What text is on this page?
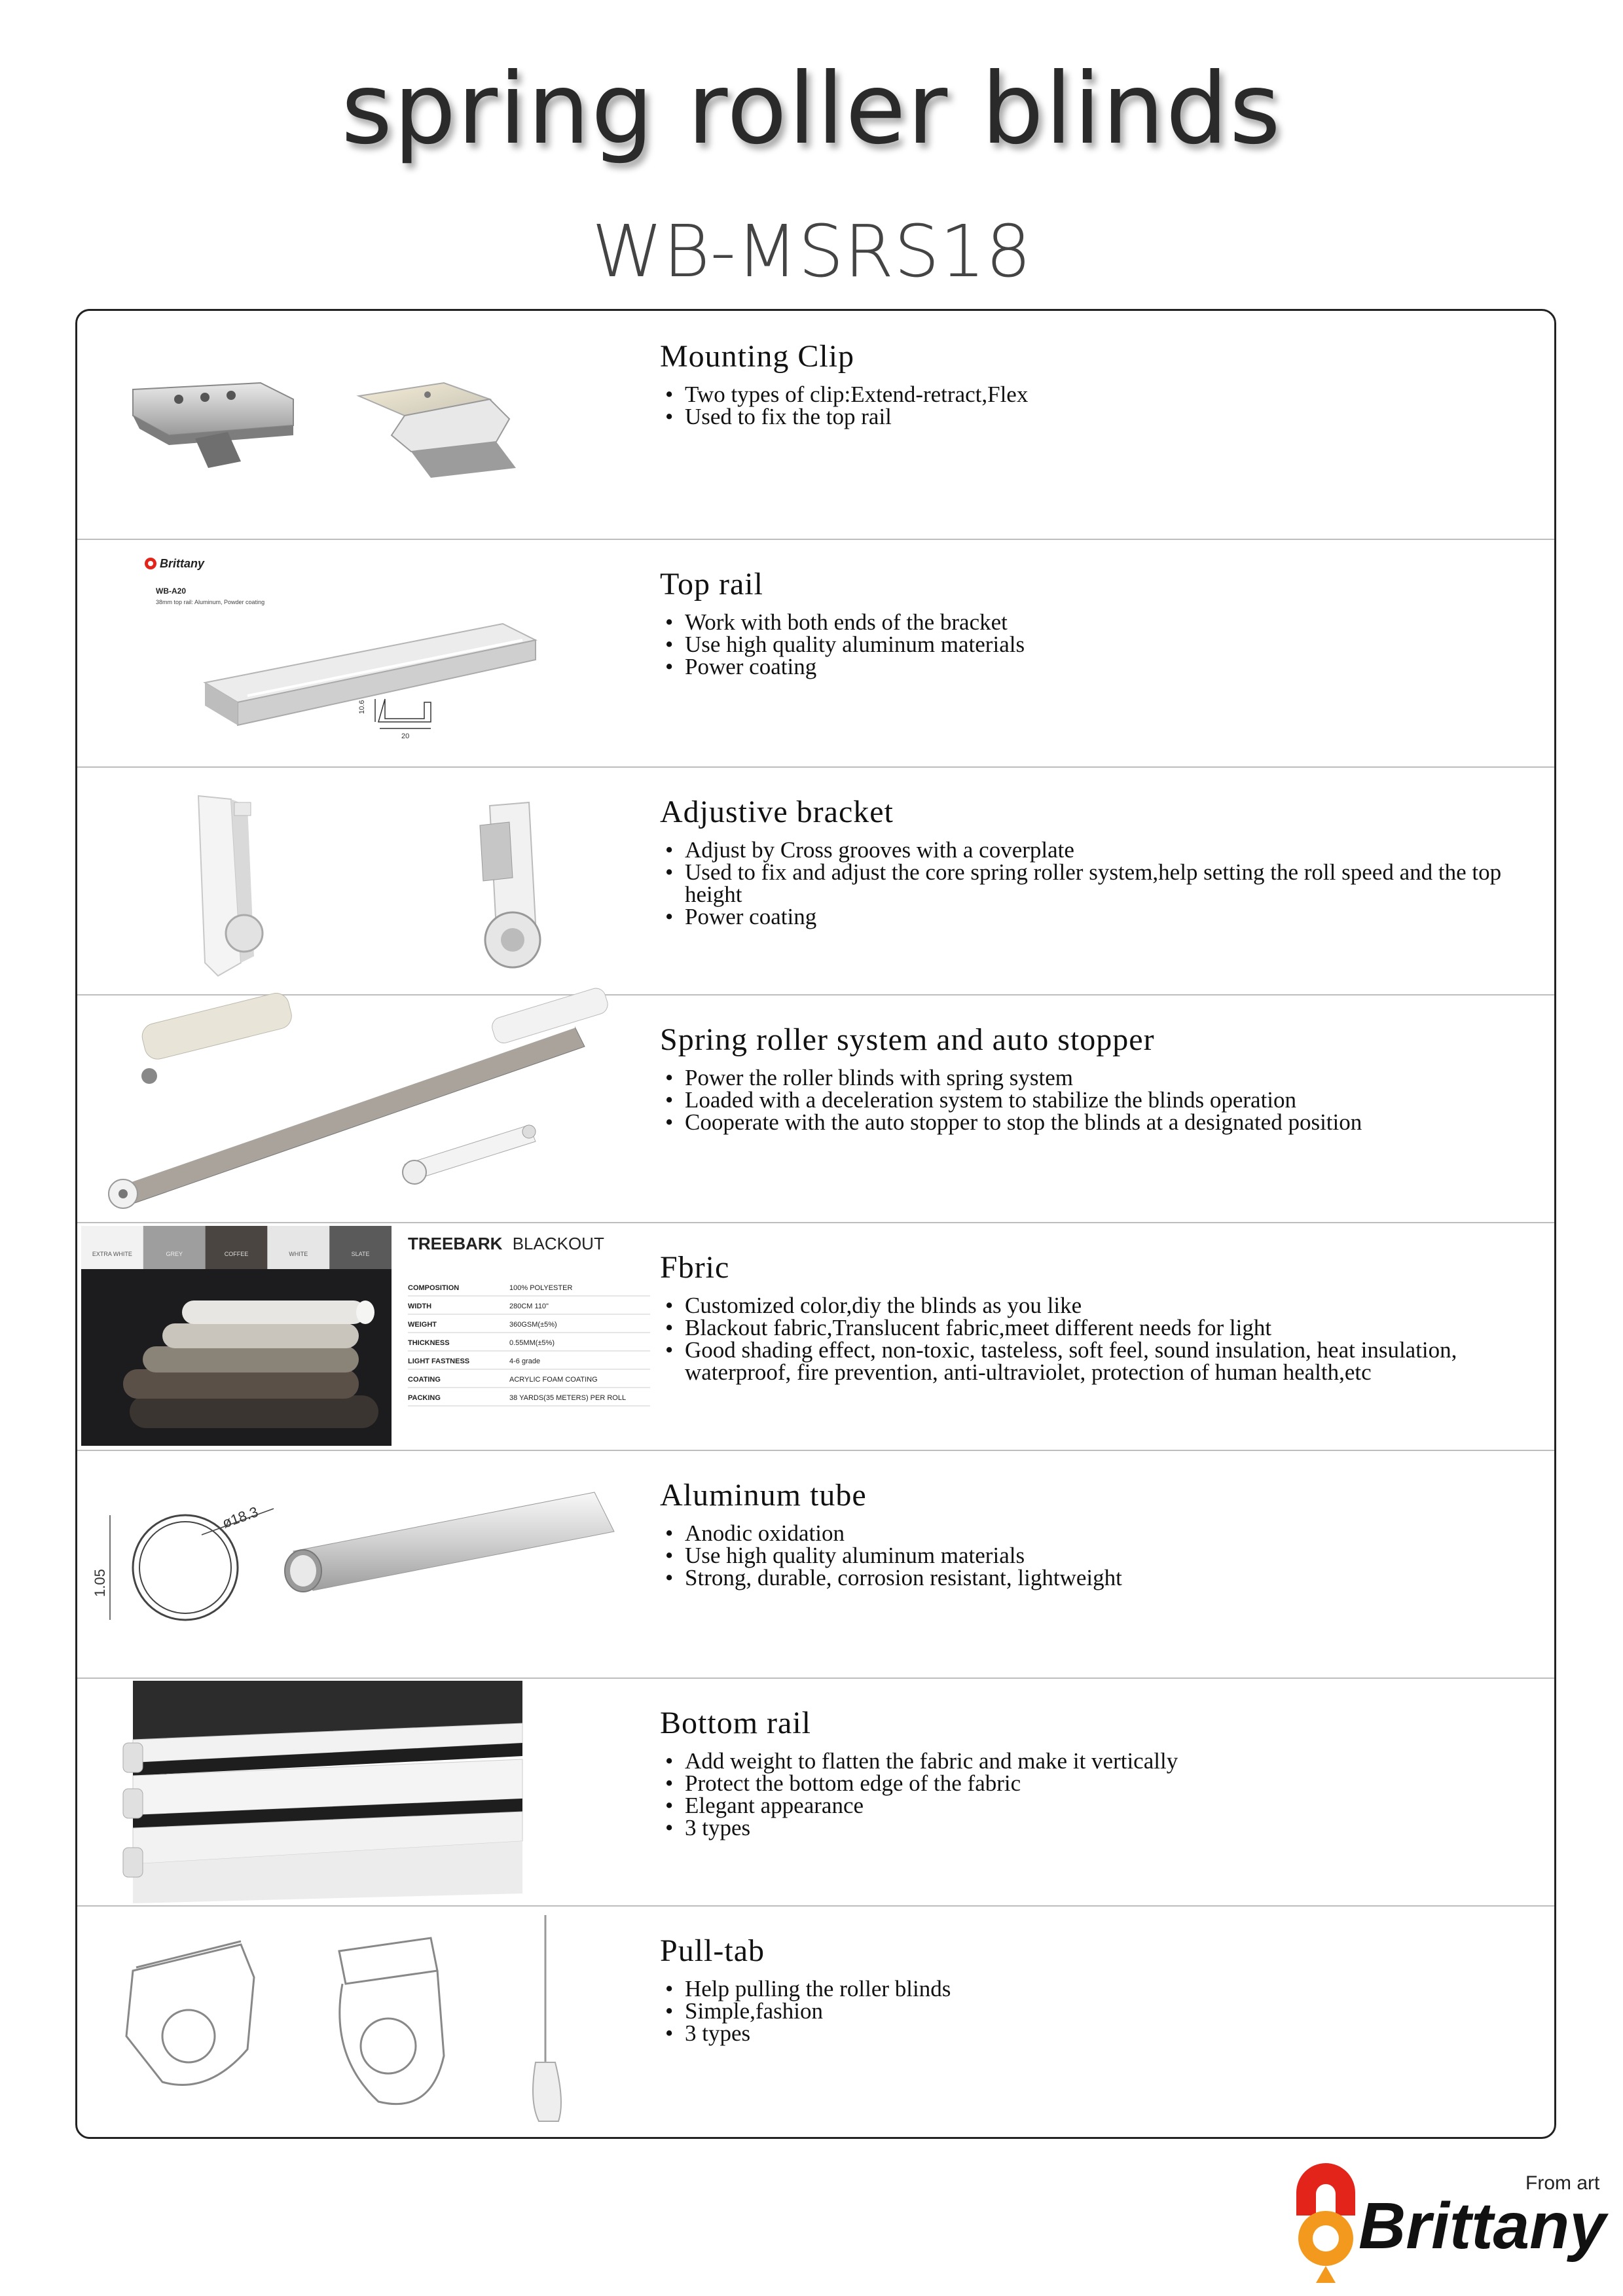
spring roller blinds
WB-MSRS18
Mounting Clip
• Two types of clip:Extend-retract,Flex
• Used to fix the top rail
Brittany
WB-A20
38mm top rail: Aluminum, Powder coating
10.6
20
Top rail
• Work with both ends of the bracket
• Use high quality aluminum materials
• Power coating
Adjustive bracket
• Adjust by Cross grooves with a coverplate
• Used to fix and adjust the core spring roller system,help setting the roll speed and the top height
• Power coating
Spring roller system and auto stopper
• Power the roller blinds with spring system
• Loaded with a deceleration system to stabilize the blinds operation
• Cooperate with the auto stopper to stop the blinds at a designated position
EXTRA WHITE	GREY	COFFEE	WHITE	SLATE
TREEBARK BLACKOUT
COMPOSITION	100% POLYESTER
WIDTH	280CM 110"
WEIGHT	360GSM(±5%)
THICKNESS	0.55MM(±5%)
LIGHT FASTNESS	4-6 grade
COATING	ACRYLIC FOAM COATING
PACKING	38 YARDS(35 METERS) PER ROLL
Fbric
• Customized color,diy the blinds as you like
• Blackout fabric,Translucent fabric,meet different needs for light
• Good shading effect, non-toxic, tasteless, soft feel, sound insulation, heat insulation, waterproof, fire prevention, anti-ultraviolet, protection of human health,etc
ø18.3
1.05
Aluminum tube
• Anodic oxidation
• Use high quality aluminum materials
• Strong, durable, corrosion resistant, lightweight
Bottom rail
• Add weight to flatten the fabric and make it vertically
• Protect the bottom edge of the fabric
• Elegant appearance
• 3 types
Pull-tab
• Help pulling the roller blinds
• Simple,fashion
• 3 types
From art
Brittany
